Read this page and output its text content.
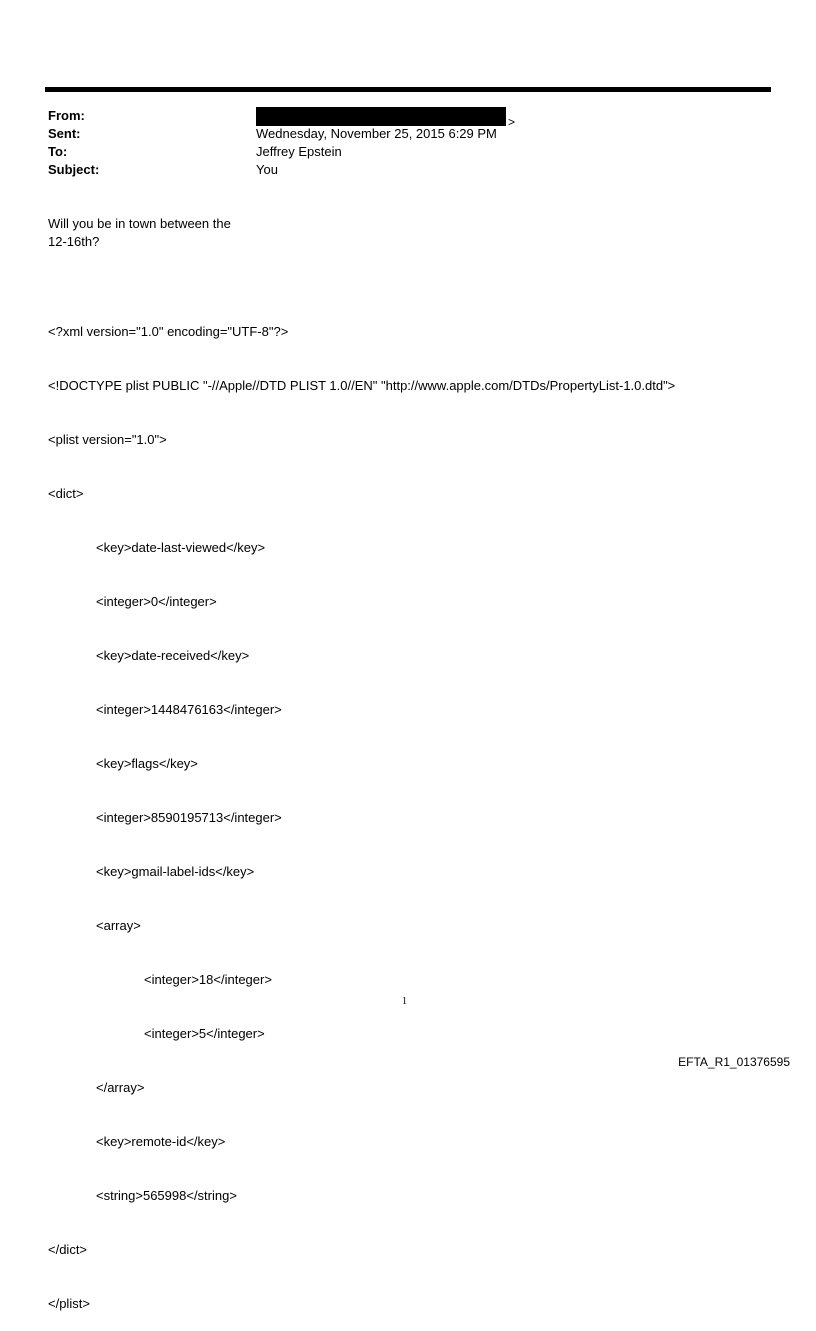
From:	>
Sent:	Wednesday, November 25, 2015 6:29 PM
To:	Jeffrey Epstein
Subject:	You
Will you be in town between the
12-16th?

<?xml version="1.0" encoding="UTF-8"?>

<!DOCTYPE plist PUBLIC "-//Apple//DTD PLIST 1.0//EN" "http://www.apple.com/DTDs/PropertyList-1.0.dtd">

<plist version="1.0">

<dict>

<key>date-last-viewed</key>

<integer>0</integer>

<key>date-received</key>

<integer>1448476163</integer>

<key>flags</key>

<integer>8590195713</integer>

<key>gmail-label-ids</key>

<array>

<integer>18</integer>

<integer>5</integer>

</array>

<key>remote-id</key>

<string>565998</string>

</dict>

</plist>

1
EFTA_R1_01376595
